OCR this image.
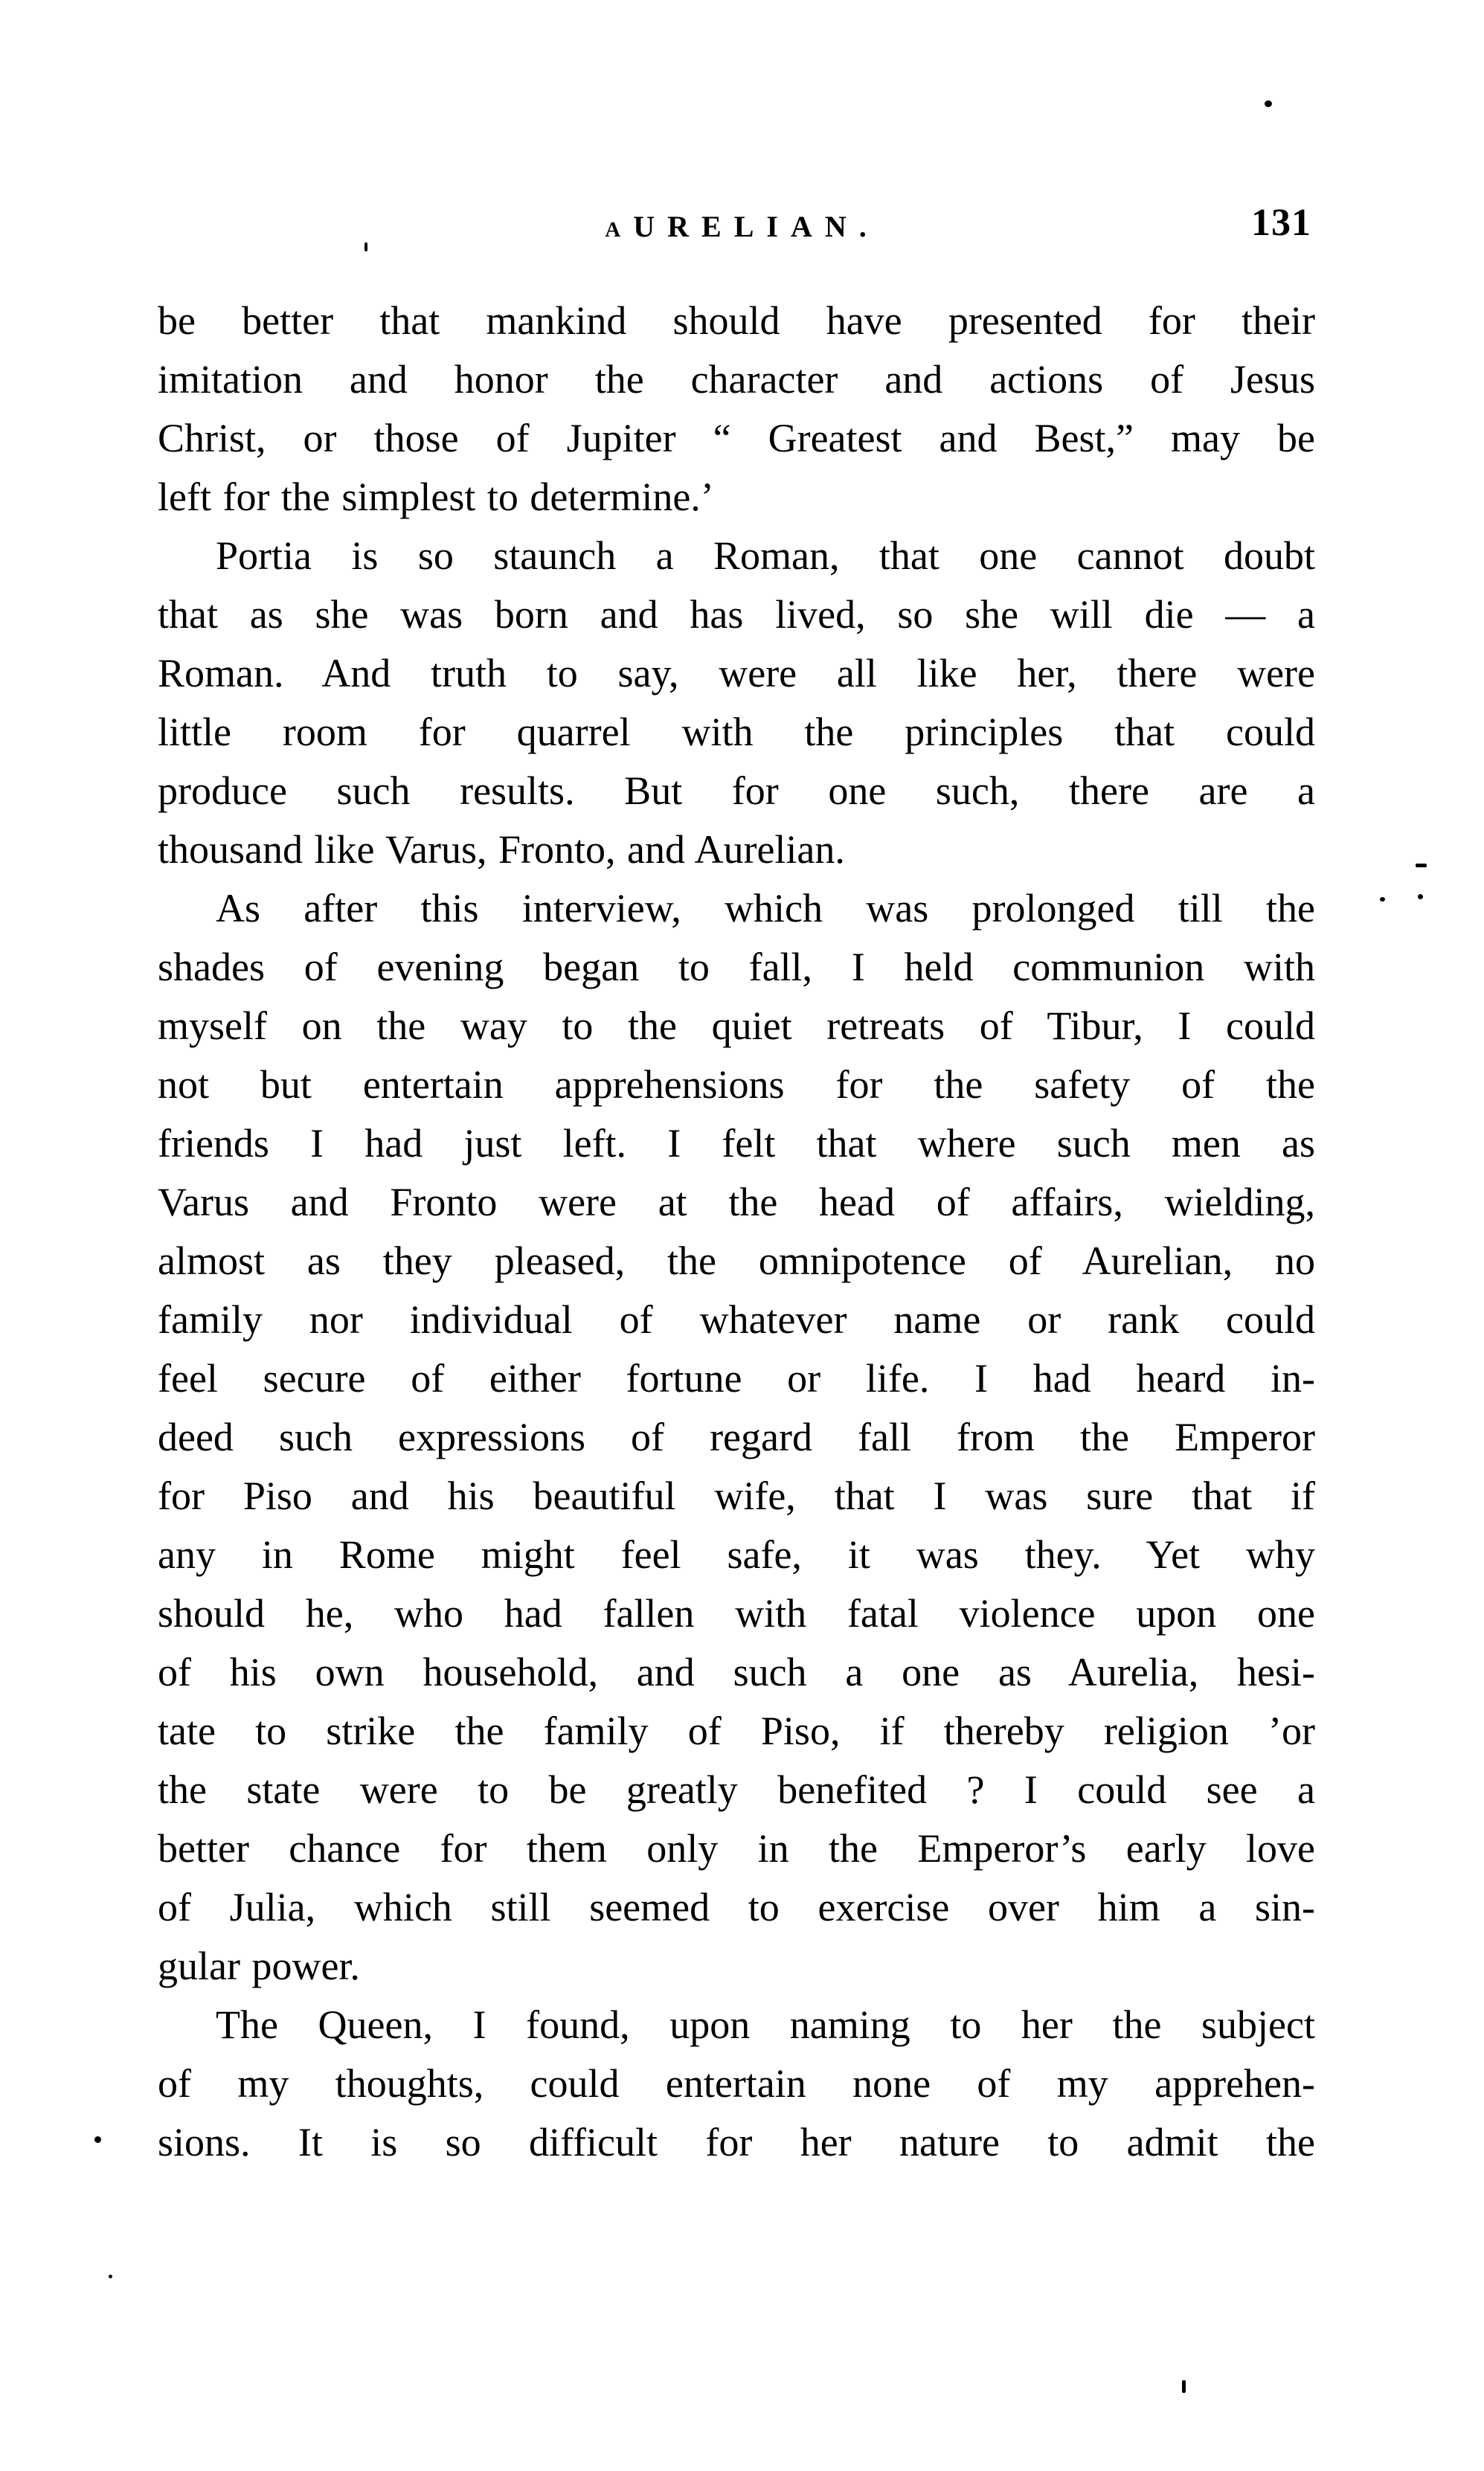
AURELIAN.	131
be better that mankind should have presented for their
imitation and honor the character and actions of Jesus
Christ, or those of Jupiter “ Greatest and Best,” may be
left for the simplest to determine.’
Portia is so staunch a Roman, that one cannot doubt
that as she was born and has lived, so she will die — a
Roman. And truth to say, were all like her, there were
little room for quarrel with the principles that could
produce such results. But for one such, there are a
thousand like Varus, Fronto, and Aurelian.
As after this interview, which was prolonged till the
shades of evening began to fall, I held communion with
myself on the way to the quiet retreats of Tibur, I could
not but entertain apprehensions for the safety of the
friends I had just left. I felt that where such men as
Varus and Fronto were at the head of affairs, wielding,
almost as they pleased, the omnipotence of Aurelian, no
family nor individual of whatever name or rank could
feel secure of either fortune or life. I had heard in-
deed such expressions of regard fall from the Emperor
for Piso and his beautiful wife, that I was sure that if
any in Rome might feel safe, it was they. Yet why
should he, who had fallen with fatal violence upon one
of his own household, and such a one as Aurelia, hesi-
tate to strike the family of Piso, if thereby religion ’or
the state were to be greatly benefited ? I could see a
better chance for them only in the Emperor’s early love
of Julia, which still seemed to exercise over him a sin-
gular power.
The Queen, I found, upon naming to her the subject
of my thoughts, could entertain none of my apprehen-
sions. It is so difficult for her nature to admit the
